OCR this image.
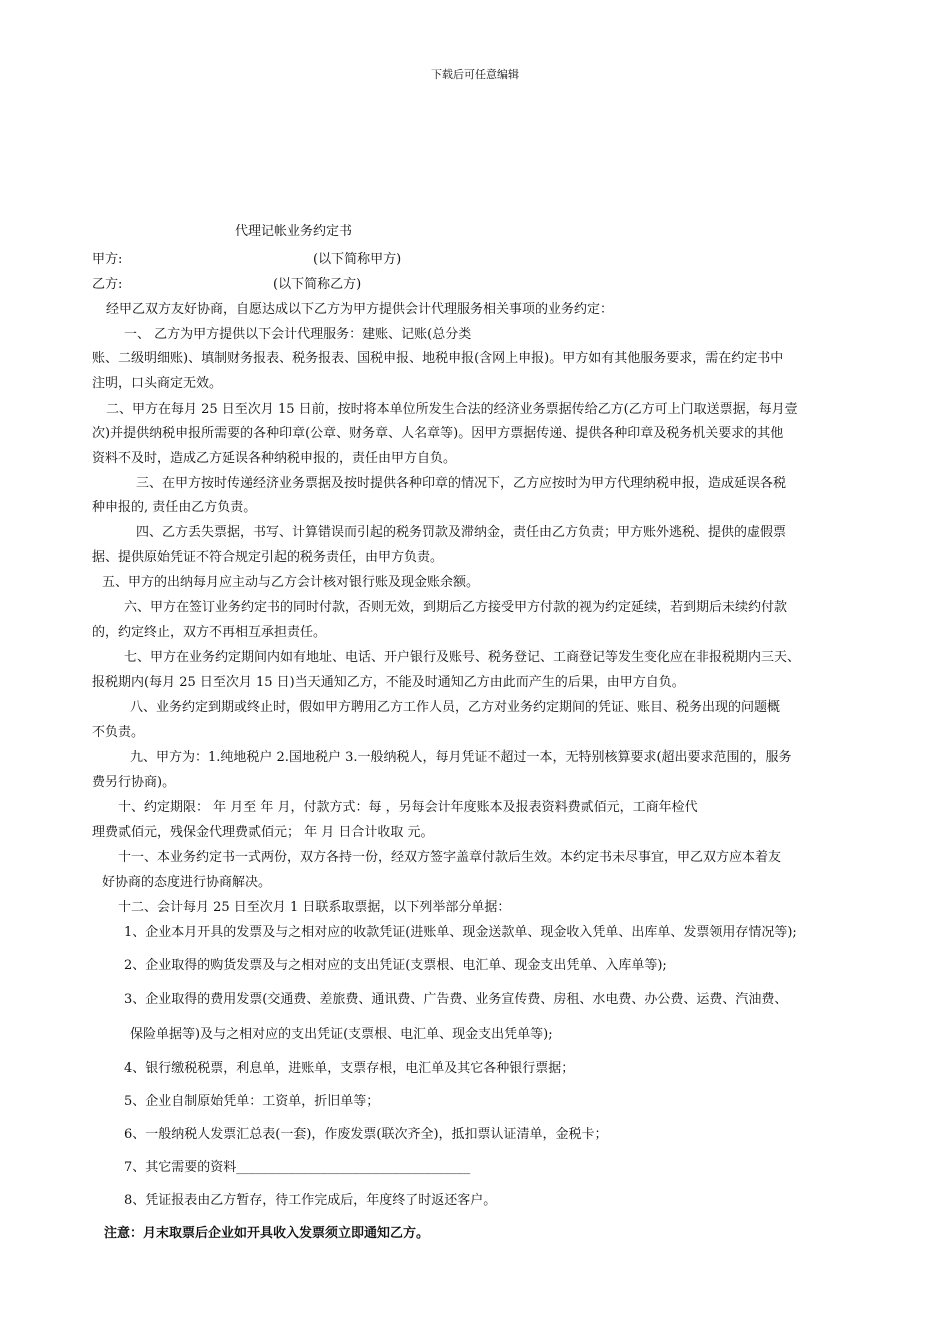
下载后可任意编辑
代理记帐业务约定书
甲方:	(以下简称甲方)
乙方:	(以下简称乙方)
经甲乙双方友好协商，自愿达成以下乙方为甲方提供会计代理服务相关事项的业务约定：
一、 乙方为甲方提供以下会计代理服务：建账、记账(总分类
账、二级明细账)、填制财务报表、税务报表、国税申报、地税申报(含网上申报)。甲方如有其他服务要求，需在约定书中
注明，口头商定无效。
二、甲方在每月 25 日至次月 15 日前，按时将本单位所发生合法的经济业务票据传给乙方(乙方可上门取送票据，每月壹
次)并提供纳税申报所需要的各种印章(公章、财务章、人名章等)。因甲方票据传递、提供各种印章及税务机关要求的其他
资料不及时，造成乙方延误各种纳税申报的，责任由甲方自负。
三、在甲方按时传递经济业务票据及按时提供各种印章的情况下，乙方应按时为甲方代理纳税申报，造成延误各税
种申报的, 责任由乙方负责。
四、乙方丢失票据，书写、计算错误而引起的税务罚款及滞纳金，责任由乙方负责；甲方账外逃税、提供的虚假票
据、提供原始凭证不符合规定引起的税务责任，由甲方负责。
五、甲方的出纳每月应主动与乙方会计核对银行账及现金账余额。
六、甲方在签订业务约定书的同时付款，否则无效，到期后乙方接受甲方付款的视为约定延续，若到期后未续约付款
的，约定终止，双方不再相互承担责任。
七、甲方在业务约定期间内如有地址、电话、开户银行及账号、税务登记、工商登记等发生变化应在非报税期内三天、
报税期内(每月 25 日至次月 15 日)当天通知乙方，不能及时通知乙方由此而产生的后果，由甲方自负。
八、业务约定到期或终止时，假如甲方聘用乙方工作人员，乙方对业务约定期间的凭证、账目、税务出现的问题概
不负责。
九、甲方为：1.纯地税户 2.国地税户 3.一般纳税人，每月凭证不超过一本，无特别核算要求(超出要求范围的，服务
费另行协商)。
十、约定期限： 年 月至 年 月，付款方式：每 ，另每会计年度账本及报表资料费贰佰元，工商年检代
理费贰佰元，残保金代理费贰佰元； 年 月 日合计收取 元。
十一、本业务约定书一式两份，双方各持一份，经双方签字盖章付款后生效。本约定书未尽事宜，甲乙双方应本着友
好协商的态度进行协商解决。
十二、会计每月 25 日至次月 1 日联系取票据，以下列举部分单据：
1、企业本月开具的发票及与之相对应的收款凭证(进账单、现金送款单、现金收入凭单、出库单、发票领用存情况等);
2、企业取得的购货发票及与之相对应的支出凭证(支票根、电汇单、现金支出凭单、入库单等);
3、企业取得的费用发票(交通费、差旅费、通讯费、广告费、业务宣传费、房租、水电费、办公费、运费、汽油费、
保险单据等)及与之相对应的支出凭证(支票根、电汇单、现金支出凭单等);
4、银行缴税税票，利息单，进账单，支票存根，电汇单及其它各种银行票据；
5、企业自制原始凭单：工资单，折旧单等；
6、一般纳税人发票汇总表(一套)，作废发票(联次齐全)，抵扣票认证清单，金税卡；
7、其它需要的资料____________________________________
8、凭证报表由乙方暂存，待工作完成后，年度终了时返还客户。
注意：月末取票后企业如开具收入发票须立即通知乙方。
